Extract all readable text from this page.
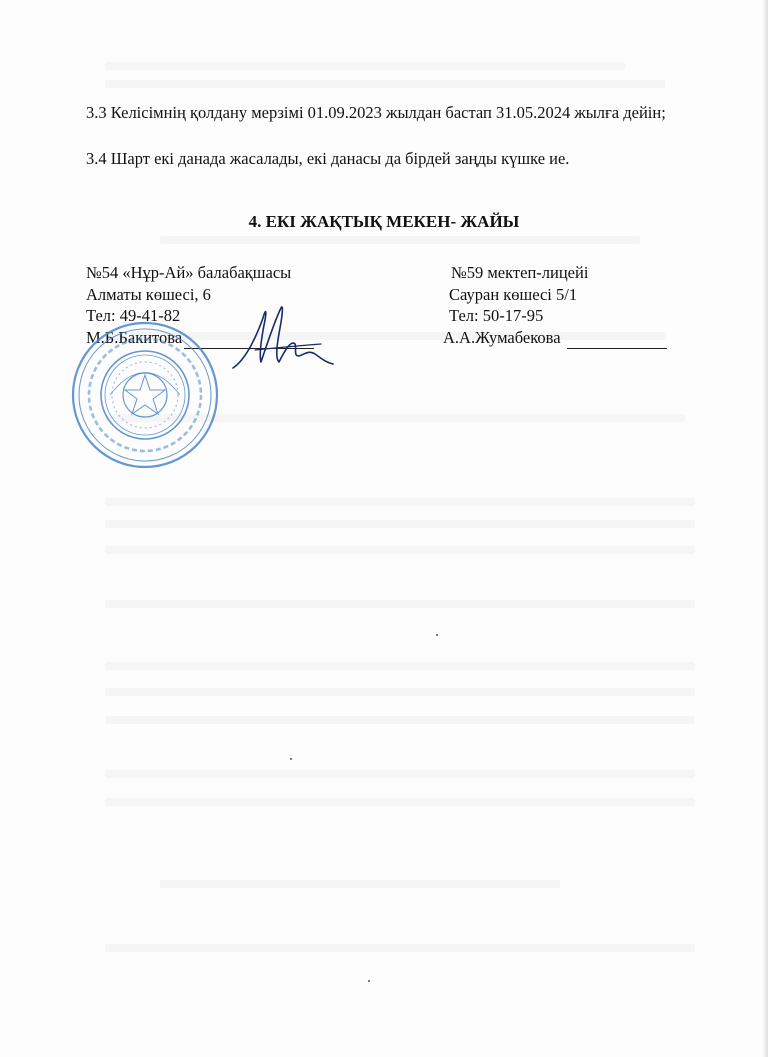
3.3 Келісімнің қолдану мерзімі 01.09.2023 жылдан бастап 31.05.2024 жылға дейін;
3.4 Шарт екі данада жасалады, екі данасы да бірдей заңды күшке ие.
4. ЕКІ ЖАҚТЫҚ МЕКЕН- ЖАЙЫ
№54 «Нұр-Ай» балабақшасы
Алматы көшесі, 6
Тел: 49-41-82
М.Б.Бакитова
№59 мектеп-лицейі
Сауран көшесі 5/1
Тел: 50-17-95
А.А.Жумабекова
